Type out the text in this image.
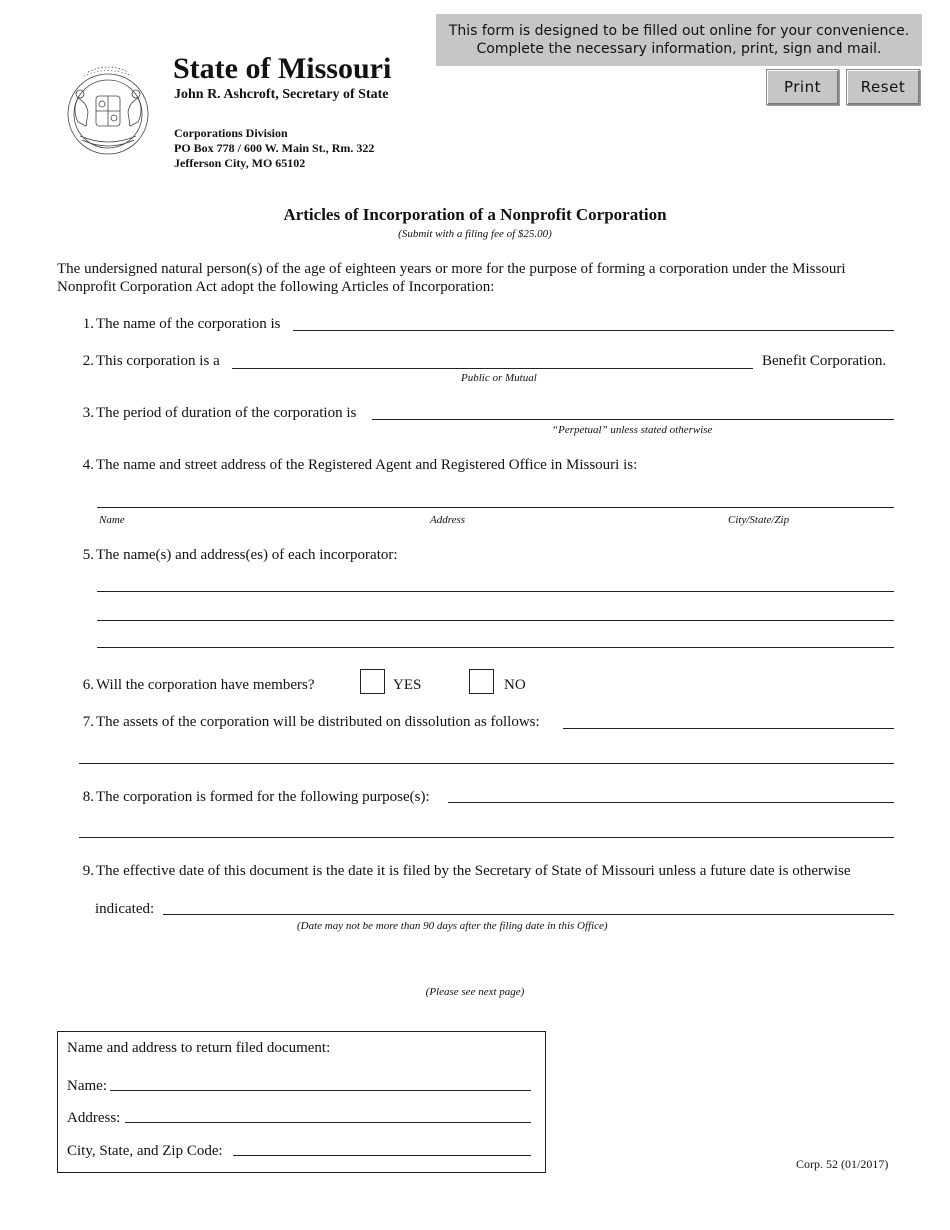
This form is designed to be filled out online for your convenience.
Complete the necessary information, print, sign and mail.
Print	Reset
State of Missouri
John R. Ashcroft, Secretary of State
Corporations Division
PO Box 778 / 600 W. Main St., Rm. 322
Jefferson City, MO 65102
Articles of Incorporation of a Nonprofit Corporation
(Submit with a filing fee of $25.00)
The undersigned natural person(s) of the age of eighteen years or more for the purpose of forming a corporation under the Missouri Nonprofit Corporation Act adopt the following Articles of Incorporation:
1. The name of the corporation is
2. This corporation is a	Benefit Corporation.
Public or Mutual
3. The period of duration of the corporation is
“Perpetual” unless stated otherwise
4. The name and street address of the Registered Agent and Registered Office in Missouri is:
Name	Address	City/State/Zip
5. The name(s) and address(es) of each incorporator:
6. Will the corporation have members?	YES	NO
7. The assets of the corporation will be distributed on dissolution as follows:
8. The corporation is formed for the following purpose(s):
9. The effective date of this document is the date it is filed by the Secretary of State of Missouri unless a future date is otherwise
indicated:
(Date may not be more than 90 days after the filing date in this Office)
(Please see next page)
Name and address to return filed document:
Name:
Address:
City, State, and Zip Code:
Corp. 52 (01/2017)
